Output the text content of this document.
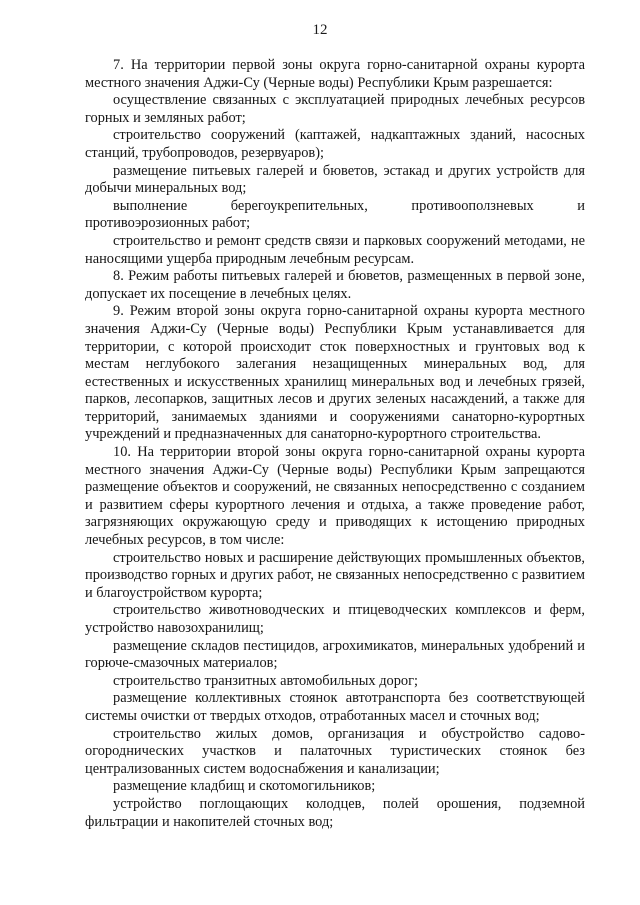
12

7. На территории первой зоны округа горно-санитарной охраны курорта местного значения Аджи-Су (Черные воды) Республики Крым разрешается:

осуществление связанных с эксплуатацией природных лечебных ресурсов горных и земляных работ;

строительство сооружений (каптажей, надкаптажных зданий, насосных станций, трубопроводов, резервуаров);

размещение питьевых галерей и бюветов, эстакад и других устройств для добычи минеральных вод;

выполнение берегоукрепительных, противооползневых и противоэрозионных работ;

строительство и ремонт средств связи и парковых сооружений методами, не наносящими ущерба природным лечебным ресурсам.

8. Режим работы питьевых галерей и бюветов, размещенных в первой зоне, допускает их посещение в лечебных целях.

9. Режим второй зоны округа горно-санитарной охраны курорта местного значения Аджи-Су (Черные воды) Республики Крым устанавливается для территории, с которой происходит сток поверхностных и грунтовых вод к местам неглубокого залегания незащищенных минеральных вод, для естественных и искусственных хранилищ минеральных вод и лечебных грязей, парков, лесопарков, защитных лесов и других зеленых насаждений, а также для территорий, занимаемых зданиями и сооружениями санаторно-курортных учреждений и предназначенных для санаторно-курортного строительства.

10. На территории второй зоны округа горно-санитарной охраны курорта местного значения Аджи-Су (Черные воды) Республики Крым запрещаются размещение объектов и сооружений, не связанных непосредственно с созданием и развитием сферы курортного лечения и отдыха, а также проведение работ, загрязняющих окружающую среду и приводящих к истощению природных лечебных ресурсов, в том числе:

строительство новых и расширение действующих промышленных объектов, производство горных и других работ, не связанных непосредственно с развитием и благоустройством курорта;

строительство животноводческих и птицеводческих комплексов и ферм, устройство навозохранилищ;

размещение складов пестицидов, агрохимикатов, минеральных удобрений и горюче-смазочных материалов;

строительство транзитных автомобильных дорог;

размещение коллективных стоянок автотранспорта без соответствующей системы очистки от твердых отходов, отработанных масел и сточных вод;

строительство жилых домов, организация и обустройство садово-огороднических участков и палаточных туристических стоянок без централизованных систем водоснабжения и канализации;

размещение кладбищ и скотомогильников;

устройство поглощающих колодцев, полей орошения, подземной фильтрации и накопителей сточных вод;
